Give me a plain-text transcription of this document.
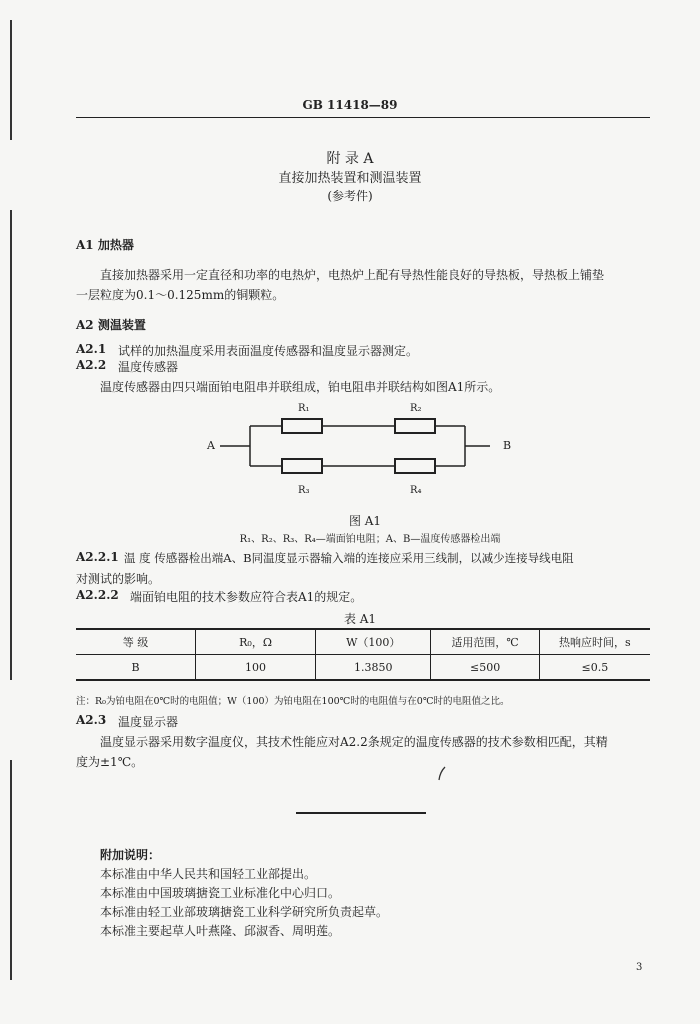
GB 11418—89
附 录 A
直接加热装置和测温装置
(参考件)
A1 加热器
直接加热器采用一定直径和功率的电热炉，电热炉上配有导热性能良好的导热板，导热板上铺垫
一层粒度为0.1～0.125mm的铜颗粒。
A2 测温装置
A2.1 试样的加热温度采用表面温度传感器和温度显示器测定。
A2.2 温度传感器
温度传感器由四只端面铂电阻串并联组成，铂电阻串并联结构如图A1所示。
A	B
R₁	R₂
R₃	R₄
图 A1
R₁、R₂、R₃、R₄—端面铂电阻；A、B—温度传感器检出端
A2.2.1 温 度 传感器检出端A、B同温度显示器输入端的连接应采用三线制，以减少连接导线电阻
对测试的影响。
A2.2.2 端面铂电阻的技术参数应符合表A1的规定。
表 A1
等 级	R₀，Ω	W（100）	适用范围，℃	热响应时间，s
B	100	1.3850	≤500	≤0.5
注：R₀为铂电阻在0℃时的电阻值；W（100）为铂电阻在100℃时的电阻值与在0℃时的电阻值之比。
A2.3 温度显示器
温度显示器采用数字温度仪，其技术性能应对A2.2条规定的温度传感器的技术参数相匹配，其精
度为±1℃。
附加说明：
本标准由中华人民共和国轻工业部提出。
本标准由中国玻璃搪瓷工业标准化中心归口。
本标准由轻工业部玻璃搪瓷工业科学研究所负责起草。
本标准主要起草人叶燕隆、邱淑香、周明莲。
3
